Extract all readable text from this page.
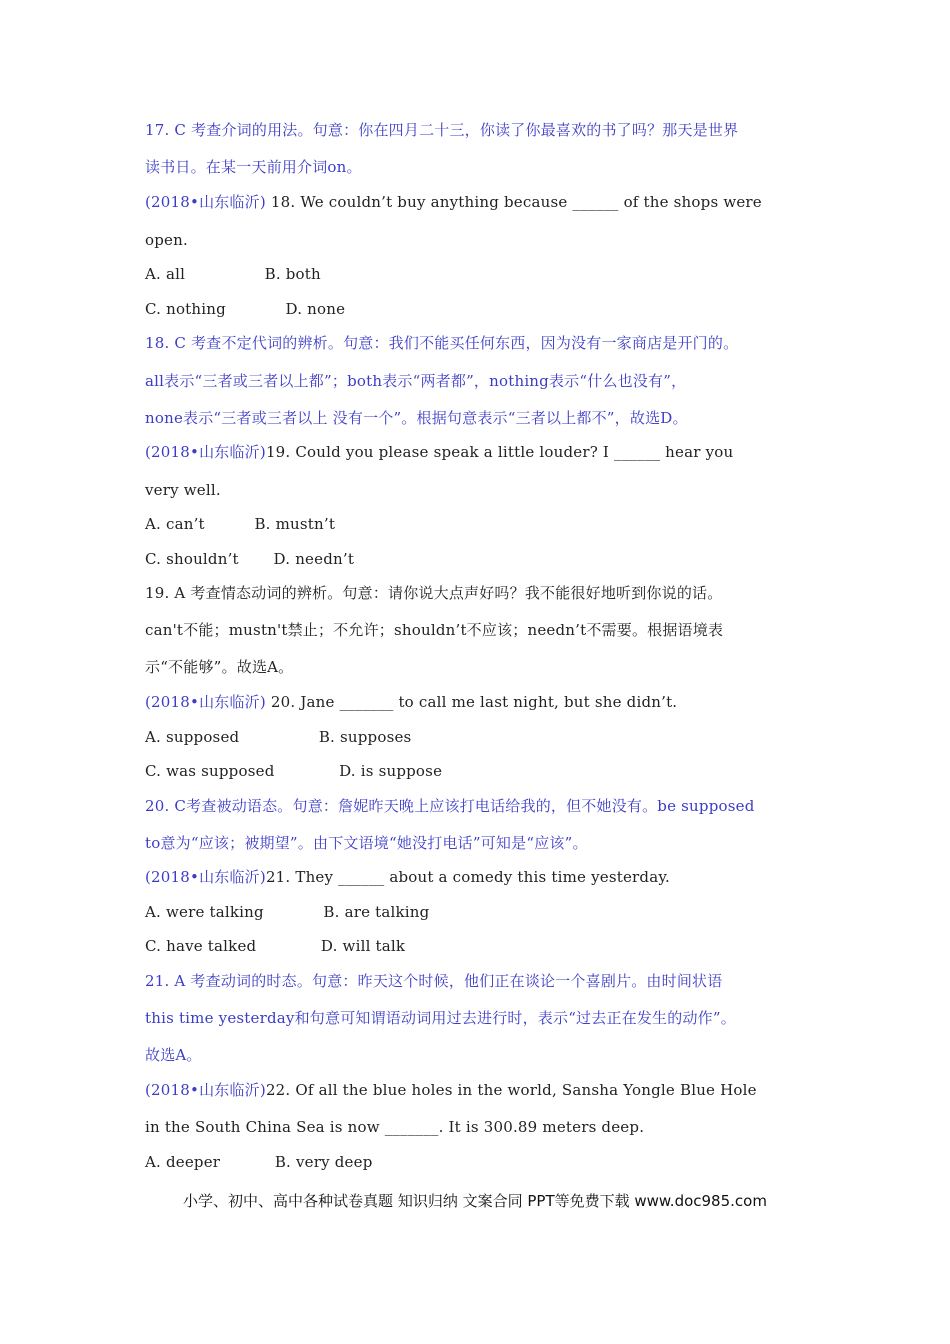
17. C 考查介词的用法。句意：你在四月二十三，你读了你最喜欢的书了吗？那天是世界
读书日。在某一天前用介词on。
(2018•山东临沂) 18. We couldn’t buy anything because ______ of the shops were
open.
A. all                B. both
C. nothing            D. none
18. C 考查不定代词的辨析。句意：我们不能买任何东西，因为没有一家商店是开门的。
all表示“三者或三者以上都”；both表示“两者都”，nothing表示“什么也没有”，
none表示“三者或三者以上 没有一个”。根据句意表示“三者以上都不”，故选D。
(2018•山东临沂)19. Could you please speak a little louder? I ______ hear you
very well.
A. can’t          B. mustn’t
C. shouldn’t       D. needn’t
19. A 考查情态动词的辨析。句意：请你说大点声好吗？我不能很好地听到你说的话。
can't不能；mustn't禁止；不允许；shouldn’t不应该；needn’t不需要。根据语境表
示“不能够”。故选A。
(2018•山东临沂) 20. Jane _______ to call me last night, but she didn’t.
A. supposed                B. supposes
C. was supposed             D. is suppose
20. C考查被动语态。句意：詹妮昨天晚上应该打电话给我的，但不她没有。be supposed
to意为“应该；被期望”。由下文语境“她没打电话”可知是“应该”。
(2018•山东临沂)21. They ______ about a comedy this time yesterday.
A. were talking            B. are talking
C. have talked             D. will talk
21. A 考查动词的时态。句意：昨天这个时候，他们正在谈论一个喜剧片。由时间状语
this time yesterday和句意可知谓语动词用过去进行时，表示“过去正在发生的动作”。
故选A。
(2018•山东临沂)22. Of all the blue holes in the world, Sansha Yongle Blue Hole
in the South China Sea is now _______. It is 300.89 meters deep.
A. deeper           B. very deep
小学、初中、高中各种试卷真题 知识归纳 文案合同 PPT等免费下载 www.doc985.com
